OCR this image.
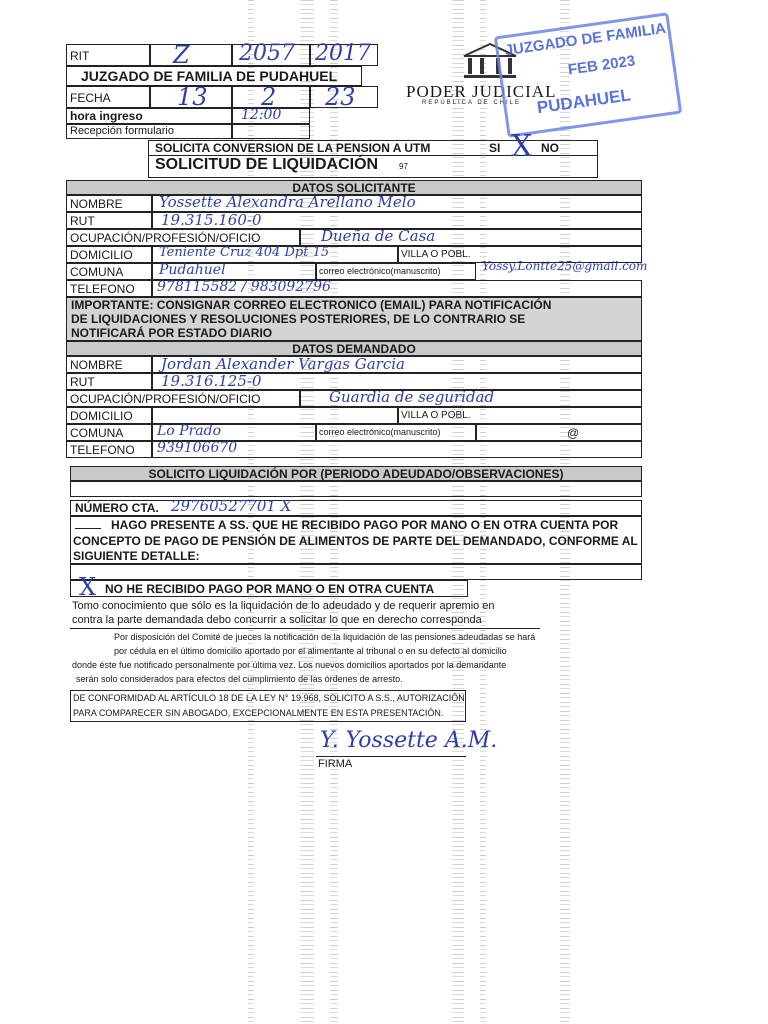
RIT	Z 2057 2017
JUZGADO DE FAMILIA DE PUDAHUEL
FECHA	13 2 23
hora ingreso	12:00
Recepción formulario
PODER JUDICIAL
REPÚBLICA DE CHILE
JUZGADO DE FAMILIA
FEB 2023
PUDAHUEL
SOLICITA CONVERSION DE LA PENSION A UTM	SI X NO
SOLICITUD DE LIQUIDACIÓN	97
DATOS SOLICITANTE
NOMBRE Yossette Alexandra Arellano Melo
RUT	19.315.160-0
OCUPACIÓN/PROFESIÓN/OFICIO	Dueña de Casa
DOMICILIO Teniente Cruz 404 Dpt 15	VILLA O POBL.
COMUNA	Pudahuel	correo electrónico(manuscrito)	Yossy.Lontte25@gmail.com
TELEFONO 978115582 / 983092796
IMPORTANTE: CONSIGNAR CORREO ELECTRONICO (EMAIL) PARA NOTIFICACIÓN
DE LIQUIDACIONES Y RESOLUCIONES POSTERIORES, DE LO CONTRARIO SE
NOTIFICARÁ POR ESTADO DIARIO
DATOS DEMANDADO
NOMBRE	Jordan Alexander Vargas Garcia
RUT	19.316.125-0
OCUPACIÓN/PROFESIÓN/OFICIO	Guardia de seguridad
DOMICILIO	VILLA O POBL.
COMUNA Lo Prado	correo electrónico(manuscrito)	@
TELEFONO 939106670
SOLICITO LIQUIDACIÓN POR (PERIODO ADEUDADO/OBSERVACIONES)
NÚMERO CTA. 29760527701 X
HAGO PRESENTE A SS. QUE HE RECIBIDO PAGO POR MANO O EN OTRA CUENTA POR
CONCEPTO DE PAGO DE PENSIÓN DE ALIMENTOS DE PARTE DEL DEMANDADO, CONFORME AL
SIGUIENTE DETALLE:
X NO HE RECIBIDO PAGO POR MANO O EN OTRA CUENTA
Tomo conocimiento que sólo es la liquidación de lo adeudado y de requerir apremio en
contra la parte demandada debo concurrir a solicitar lo que en derecho corresponda
Por disposición del Comité de jueces la notificación de la liquidación de las pensiones adeudadas se hará
por cédula en el último domicilio aportado por el alimentante al tribunal o en su defecto al domicilio
donde éste fue notificado personalmente por última vez. Los nuevos domicilios aportados por la demandante
serán solo considerados para efectos del cumplimiento de las órdenes de arresto.
DE CONFORMIDAD AL ARTÍCULO 18 DE LA LEY N° 19.968, SOLICITO A S.S., AUTORIZACIÓN
PARA COMPARECER SIN ABOGADO, EXCEPCIONALMENTE EN ESTA PRESENTACIÓN.
Y. Yossette A.M.
FIRMA
